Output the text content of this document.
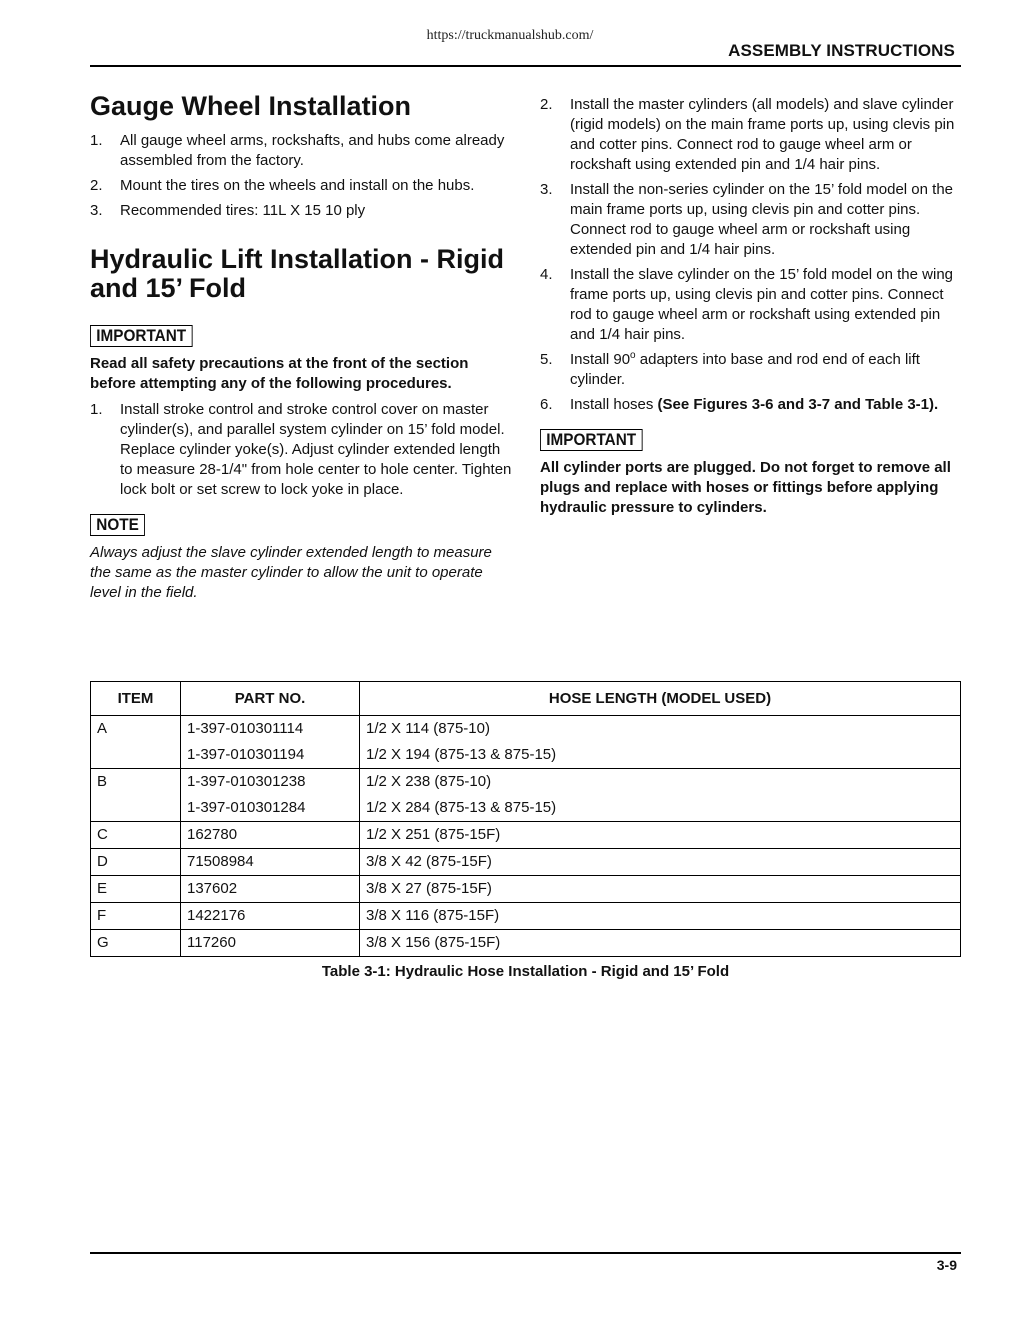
https://truckmanualshub.com/
ASSEMBLY INSTRUCTIONS
Gauge Wheel Installation
1.	All gauge wheel arms, rockshafts, and hubs come already assembled from the factory.
2.	Mount the tires on the wheels and install on the hubs.
3.	Recommended tires: 11L X 15 10 ply
Hydraulic Lift Installation - Rigid and 15’ Fold
IMPORTANT

Read all safety precautions at the front of the section before attempting any of the following procedures.

1.	Install stroke control and stroke control cover on master cylinder(s), and parallel system cylinder on 15’ fold model. Replace cylinder yoke(s). Adjust cylinder extended length to measure 28-1/4" from hole center to hole center. Tighten lock bolt or set screw to lock yoke in place.
NOTE

Always adjust the slave cylinder extended length to measure the same as the master cylinder to allow the unit to operate level in the field.

2.	Install the master cylinders (all models) and slave cylinder (rigid models) on the main frame ports up, using clevis pin and cotter pins. Connect rod to gauge wheel arm or rockshaft using extended pin and 1/4 hair pins.
3.	Install the non-series cylinder on the 15’ fold model on the main frame ports up, using clevis pin and cotter pins. Connect rod to gauge wheel arm or rockshaft using extended pin and 1/4 hair pins.
4.	Install the slave cylinder on the 15’ fold model on the wing frame ports up, using clevis pin and cotter pins. Connect rod to gauge wheel arm or rockshaft using extended pin and 1/4 hair pins.
5.	Install 90$^o$ adapters into base and rod end of each lift cylinder.
6.	Install hoses (See Figures 3-6 and 3-7 and Table 3-1).
IMPORTANT

All cylinder ports are plugged. Do not forget to remove all plugs and replace with hoses or fittings before applying hydraulic pressure to cylinders.

ITEM	PART NO.	HOSE LENGTH (MODEL USED)
A	1-397-010301114	1/2 X 114 (875-10)
	1-397-010301194	1/2 X 194 (875-13 & 875-15)
B	1-397-010301238	1/2 X 238 (875-10)
	1-397-010301284	1/2 X 284 (875-13 & 875-15)
C	162780	1/2 X 251 (875-15F)
D	71508984	3/8 X 42 (875-15F)
E	137602	3/8 X 27 (875-15F)
F	1422176	3/8 X 116 (875-15F)
G	117260	3/8 X 156 (875-15F)
Table 3-1: Hydraulic Hose Installation - Rigid and 15’ Fold
3-9
